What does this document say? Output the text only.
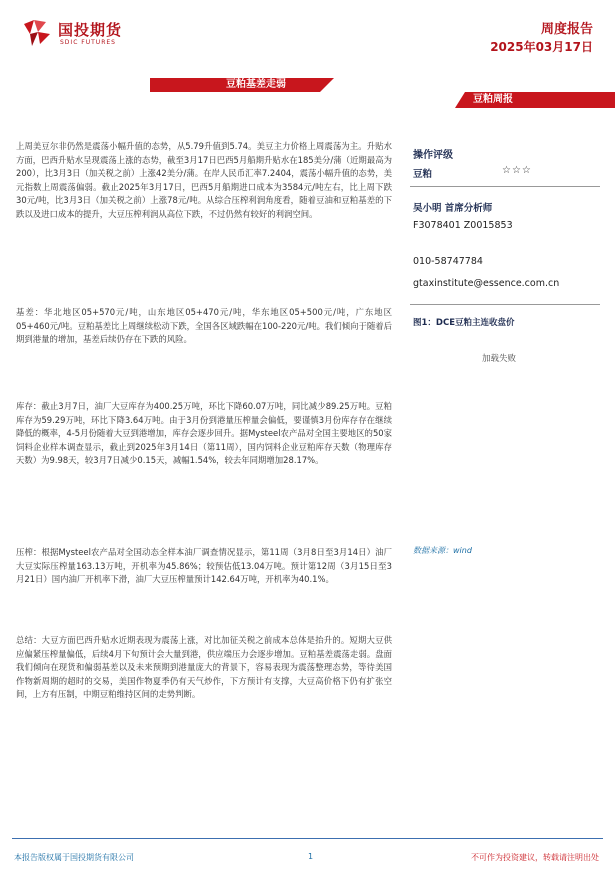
国投期货
SDIC FUTURES
周度报告
2025年03月17日
豆粕基差走弱
豆粕周报
上周美豆尔非仍然是震荡小幅升值的态势，从5.79升值到5.74。美豆主力价格上周震荡为主。升贴水方面，巴西升贴水呈现震荡上涨的态势，截至3月17日巴西5月船期升贴水在185美分/蒲（近期最高为200），比3月3日（加关税之前）上涨42美分/蒲。在岸人民币汇率7.2404，震荡小幅升值的态势，美元指数上周震荡偏弱。截止2025年3月17日，巴西5月船期进口成本为3584元/吨左右，比上周下跌30元/吨，比3月3日（加关税之前）上涨78元/吨。从综合压榨利润角度看，随着豆油和豆粕基差的下跌以及进口成本的提升，大豆压榨利润从高位下跌，不过仍然有较好的利润空间。
基差：华北地区05+570元/吨，山东地区05+470元/吨，华东地区05+500元/吨，广东地区05+460元/吨。豆粕基差比上周继续松动下跌，全国各区域跌幅在100-220元/吨。我们倾向于随着后期到港量的增加，基差后续仍存在下跌的风险。
库存：截止3月7日，油厂大豆库存为400.25万吨，环比下降60.07万吨，同比减少89.25万吨。豆粕库存为59.29万吨，环比下降3.64万吨。由于3月份到港量压榨量会偏低，要谨慎3月份库存存在继续降低的概率，4-5月份随着大豆到港增加，库存会逐步回升。据Mysteel农产品对全国主要地区的50家饲料企业样本调查显示，截止到2025年3月14日（第11周），国内饲料企业豆粕库存天数（物理库存天数）为9.98天，较3月7日减少0.15天，减幅1.54%，较去年同期增加28.17%。
压榨：根据Mysteel农产品对全国动态全样本油厂调查情况显示，第11周（3月8日至3月14日）油厂大豆实际压榨量163.13万吨，开机率为45.86%；较预估低13.04万吨。预计第12周（3月15日至3月21日）国内油厂开机率下滑，油厂大豆压榨量预计142.64万吨，开机率为40.1%。
总结：大豆方面巴西升贴水近期表现为震荡上涨，对比加征关税之前成本总体是抬升的。短期大豆供应偏紧压榨量偏低，后续4月下旬预计会大量到港，供应端压力会逐步增加。豆粕基差震荡走弱。盘面我们倾向在现货和偏弱基差以及未来预期到港量庞大的背景下，容易表现为震荡整理态势，等待美国作物新周期的超时的交易，美国作物夏季仍有天气炒作，下方预计有支撑，大豆高价格下仍有扩张空间，上方有压制，中期豆粕维持区间的走势判断。
操作评级
豆粕	☆☆☆
吴小明 首席分析师
F3078401 Z0015853
010-58747784
gtaxinstitute@essence.com.cn
图1：DCE豆粕主连收盘价
加载失败
数据来源：wind
本报告版权属于国投期货有限公司	1	不可作为投资建议，转载请注明出处
